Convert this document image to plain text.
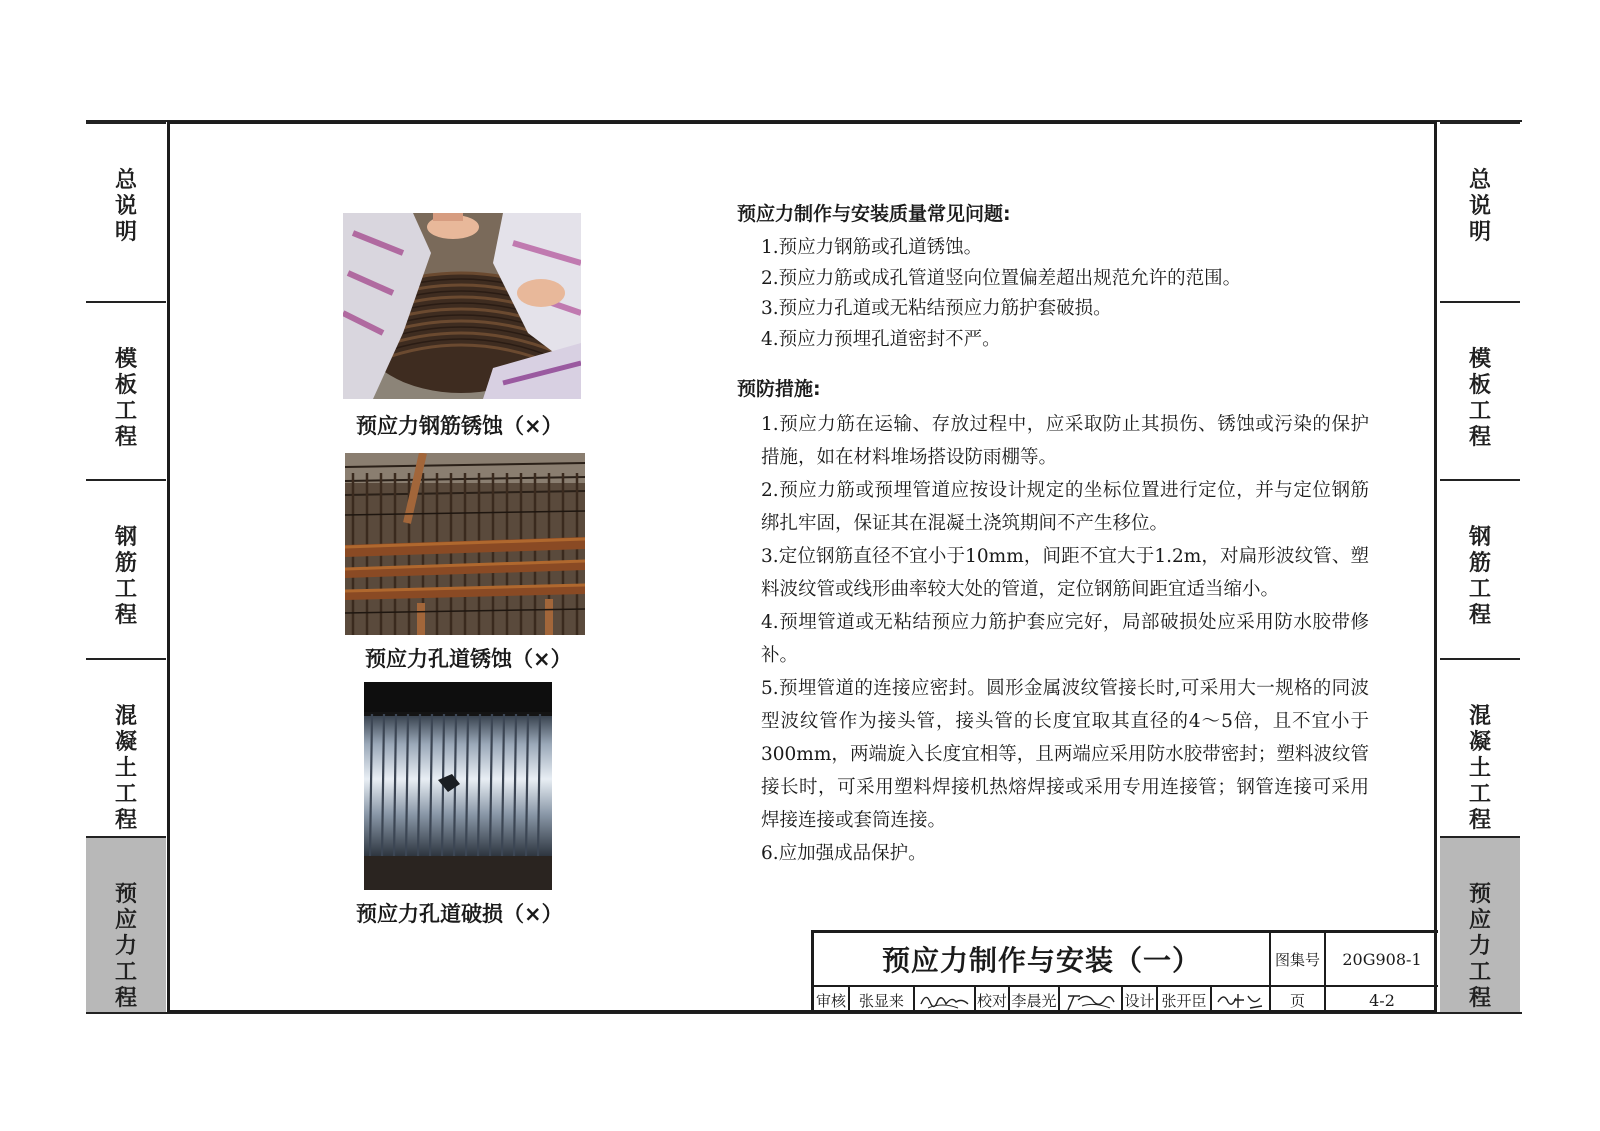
总说明
模板工程
钢筋工程
混凝土工程
预应力工程
总说明
模板工程
钢筋工程
混凝土工程
预应力工程
预应力钢筋锈蚀（×）
预应力孔道锈蚀（×）
预应力孔道破损（×）
预应力制作与安装质量常见问题:
1.预应力钢筋或孔道锈蚀。
2.预应力筋或成孔管道竖向位置偏差超出规范允许的范围。
3.预应力孔道或无粘结预应力筋护套破损。
4.预应力预埋孔道密封不严。
预防措施:
1.预应力筋在运输、存放过程中，应采取防止其损伤、锈蚀或污染的保护措施，如在材料堆场搭设防雨棚等。
2.预应力筋或预埋管道应按设计规定的坐标位置进行定位，并与定位钢筋绑扎牢固，保证其在混凝土浇筑期间不产生移位。
3.定位钢筋直径不宜小于10mm，间距不宜大于1.2m，对扁形波纹管、塑料波纹管或线形曲率较大处的管道，定位钢筋间距宜适当缩小。
4.预埋管道或无粘结预应力筋护套应完好，局部破损处应采用防水胶带修补。
5.预埋管道的连接应密封。圆形金属波纹管接长时,可采用大一规格的同波型波纹管作为接头管，接头管的长度宜取其直径的4～5倍，且不宜小于300mm，两端旋入长度宜相等，且两端应采用防水胶带密封；塑料波纹管接长时，可采用塑料焊接机热熔焊接或采用专用连接管；钢管连接可采用焊接连接或套筒连接。
6.应加强成品保护。
预应力制作与安装（一）	图集号	20G908-1
审核 张显来	校对 李晨光	设计 张开臣	页	4-2
